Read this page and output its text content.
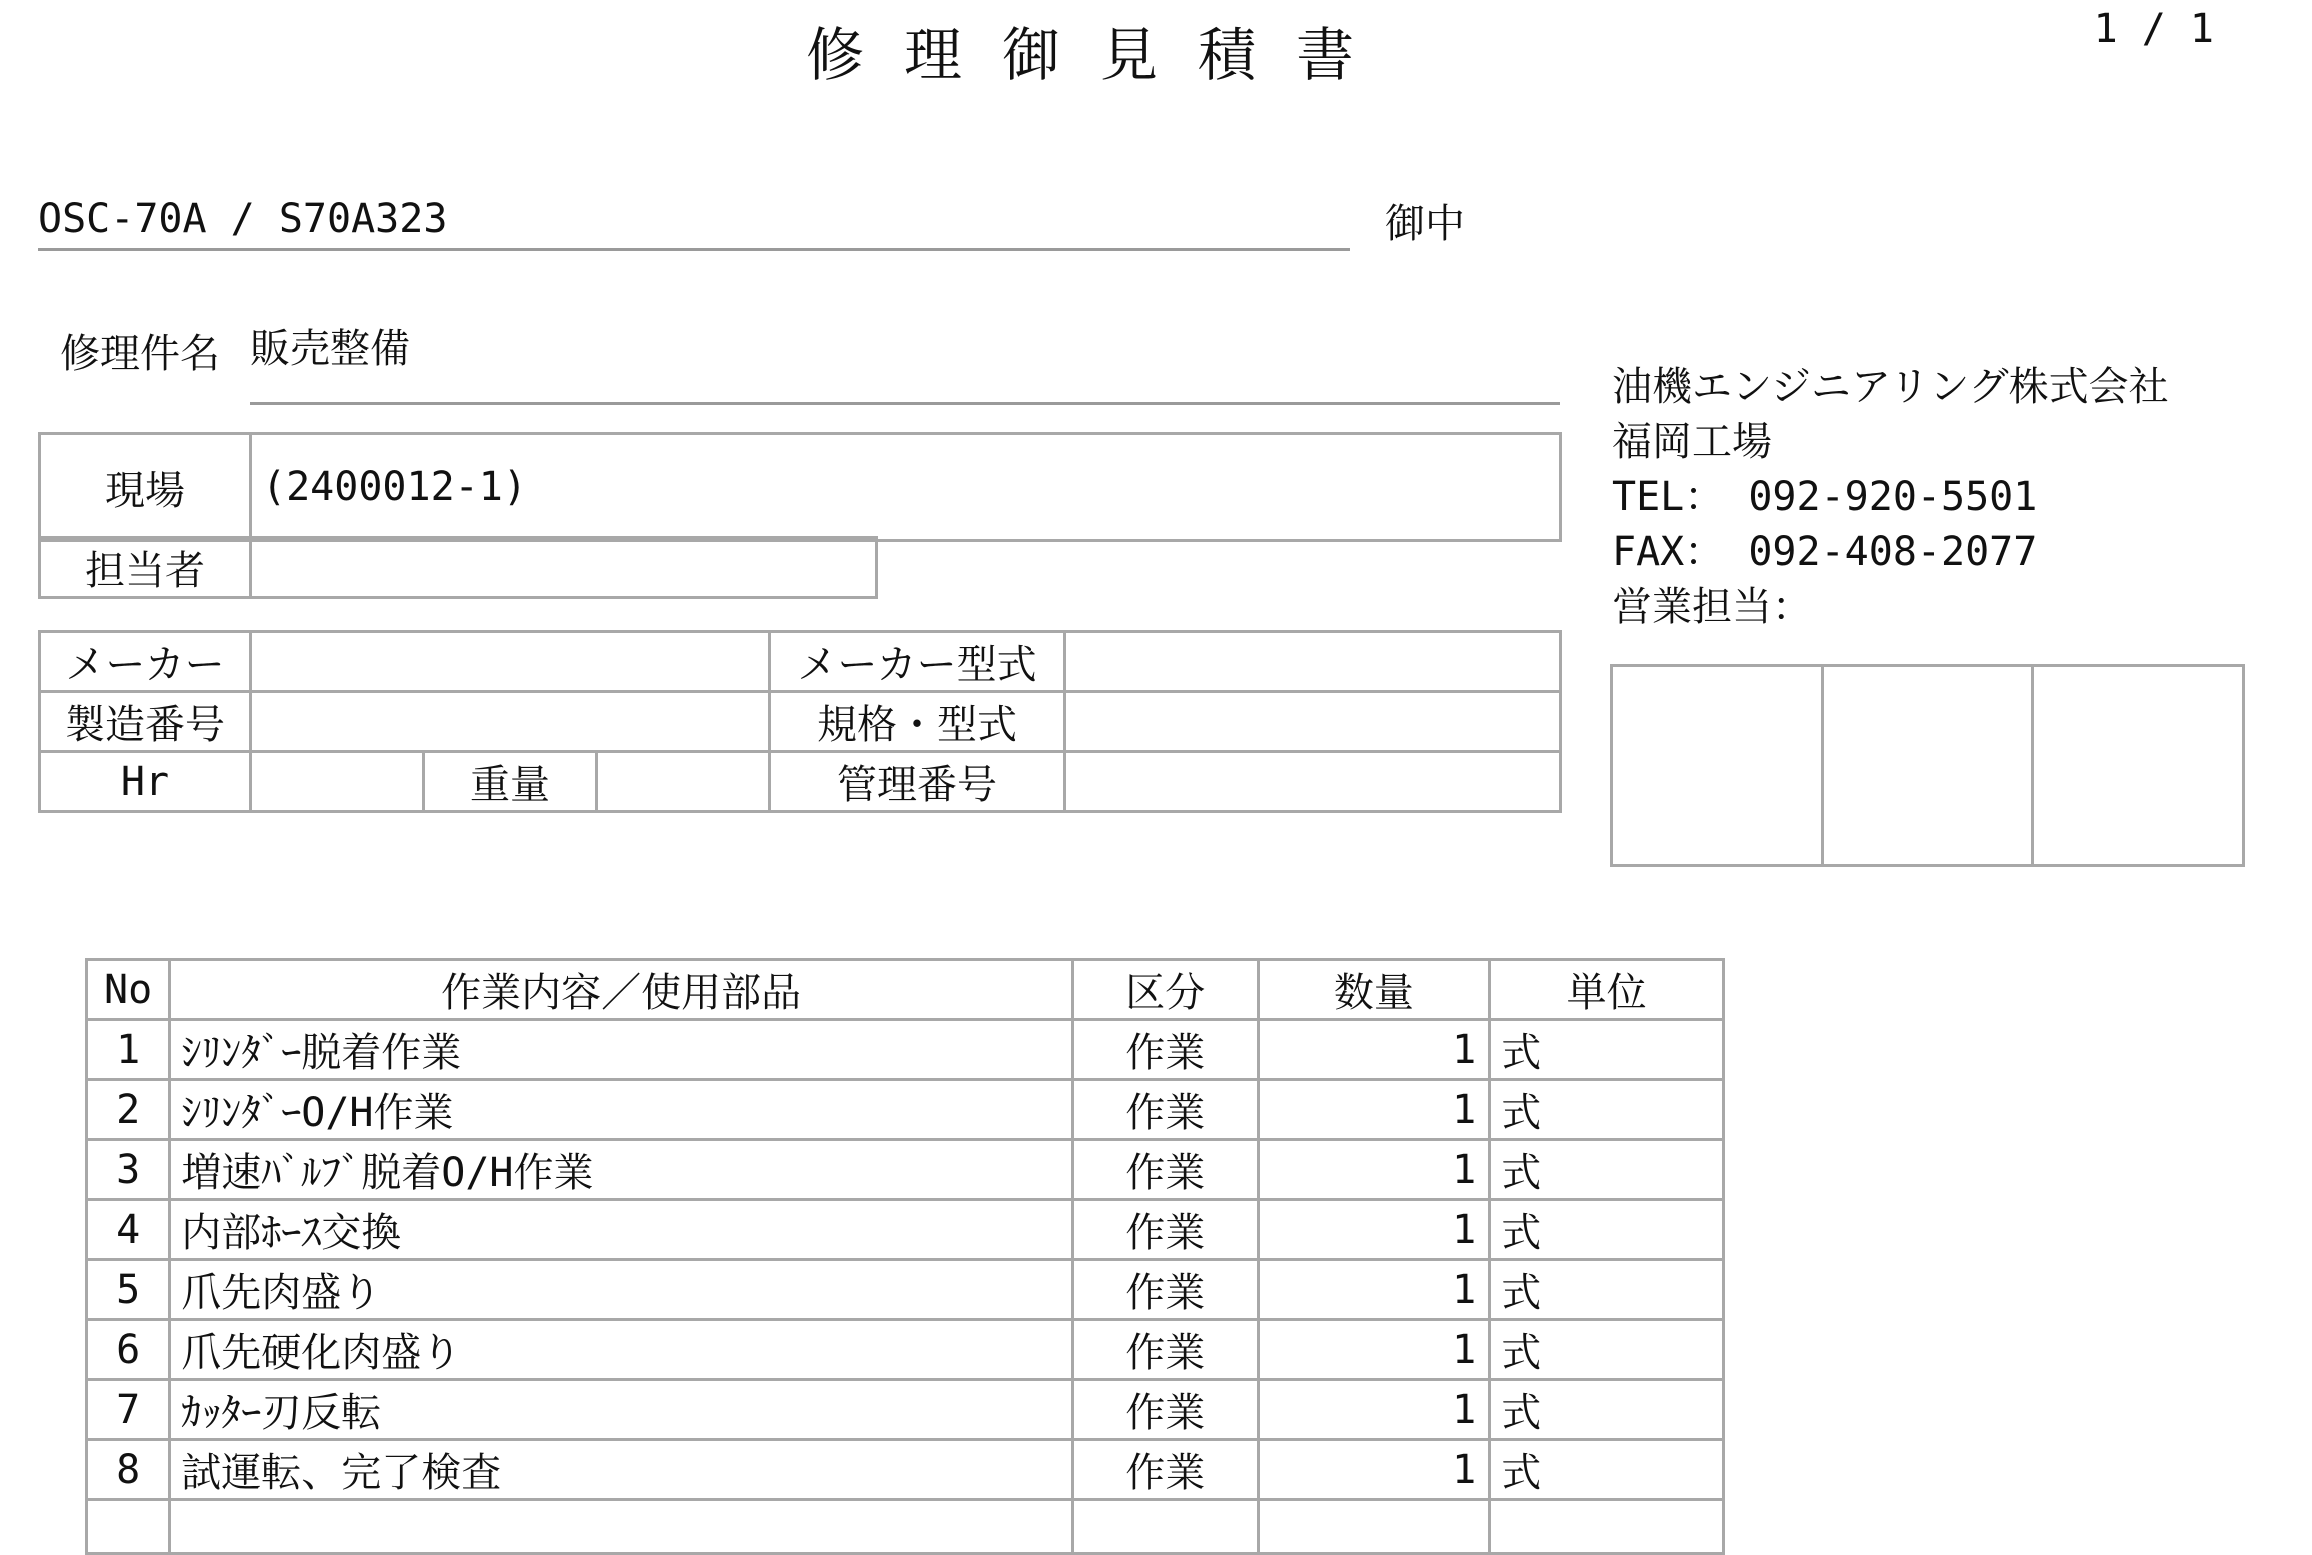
修理御見積書	1 / 1
OSC-70A / S70A323	御中
修理件名 販売整備
現場	(2400012-1)
担当者	
メーカー				メーカー型式	
製造番号				規格・型式	
Hr		重量		管理番号	
油機エンジニアリング株式会社
福岡工場
TEL： 092-920-5501
FAX： 092-408-2077
営業担当：

No	作業内容／使用部品	区分	数量	単位
1	ｼﾘﾝﾀﾞｰ脱着作業	作業	1	式
2	ｼﾘﾝﾀﾞｰO/H作業	作業	1	式
3	増速ﾊﾞﾙﾌﾞ脱着O/H作業	作業	1	式
4	内部ﾎｰｽ交換	作業	1	式
5	爪先肉盛り	作業	1	式
6	爪先硬化肉盛り	作業	1	式
7	ｶｯﾀｰ刃反転	作業	1	式
8	試運転、完了検査	作業	1	式
